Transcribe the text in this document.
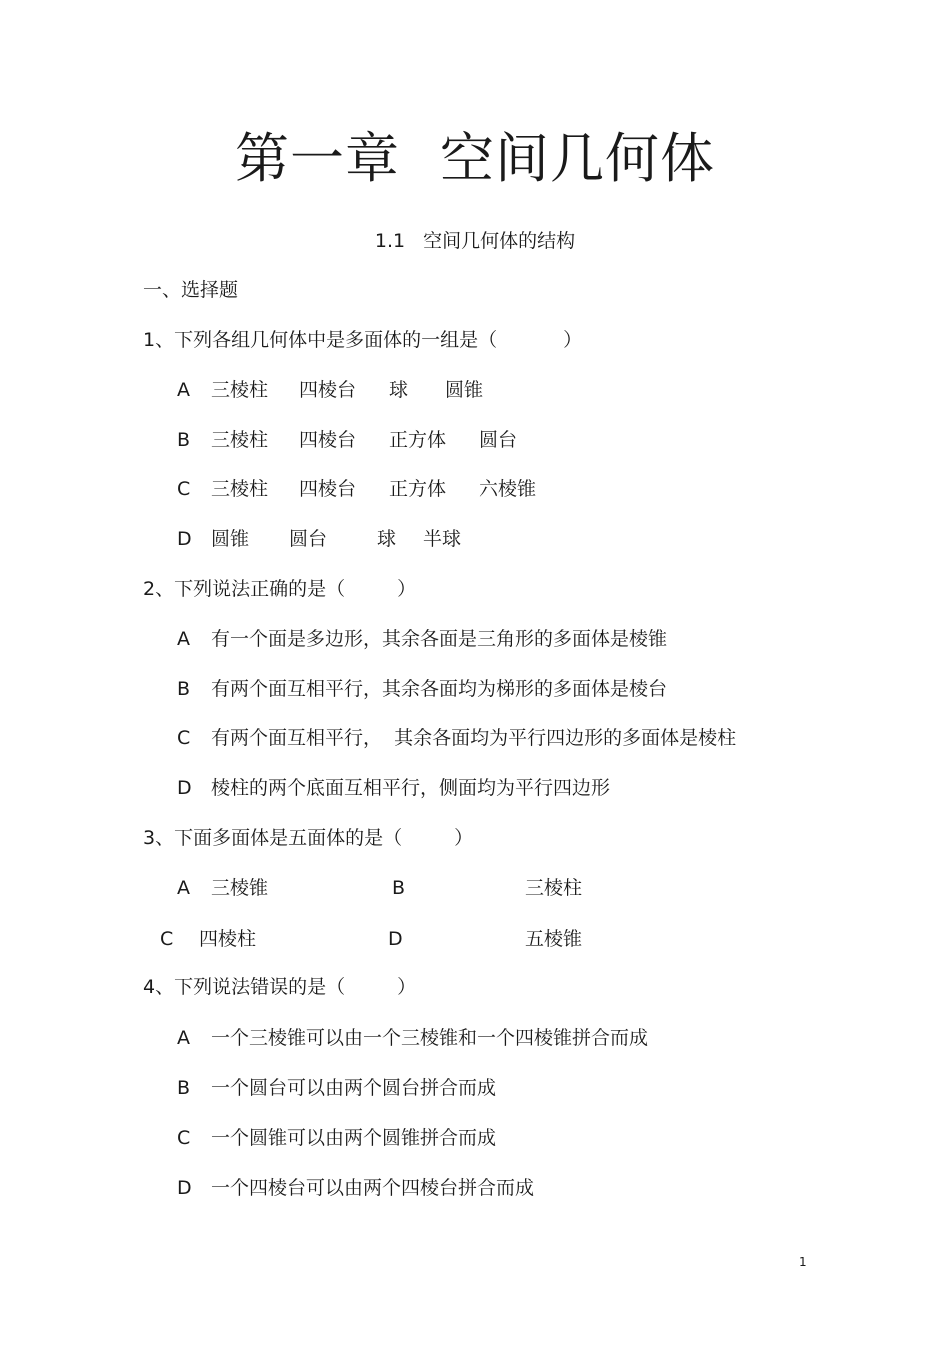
第一章 空间几何体
1.1 空间几何体的结构
一、选择题
1、下列各组几何体中是多面体的一组是（	）
A 三棱柱 四棱台 球 圆锥
B 三棱柱 四棱台 正方体 圆台
C 三棱柱 四棱台 正方体 六棱锥
D 圆锥 圆台	球 半球
2、下列说法正确的是（	）
A 有一个面是多边形，其余各面是三角形的多面体是棱锥
B 有两个面互相平行，其余各面均为梯形的多面体是棱台
C 有两个面互相平行，  其余各面均为平行四边形的多面体是棱柱
D 棱柱的两个底面互相平行，侧面均为平行四边形
3、下面多面体是五面体的是（	）
A 三棱锥	B	三棱柱
C 四棱柱	D	五棱锥
4、下列说法错误的是（	）
A 一个三棱锥可以由一个三棱锥和一个四棱锥拼合而成
B 一个圆台可以由两个圆台拼合而成
C 一个圆锥可以由两个圆锥拼合而成
D 一个四棱台可以由两个四棱台拼合而成
1
